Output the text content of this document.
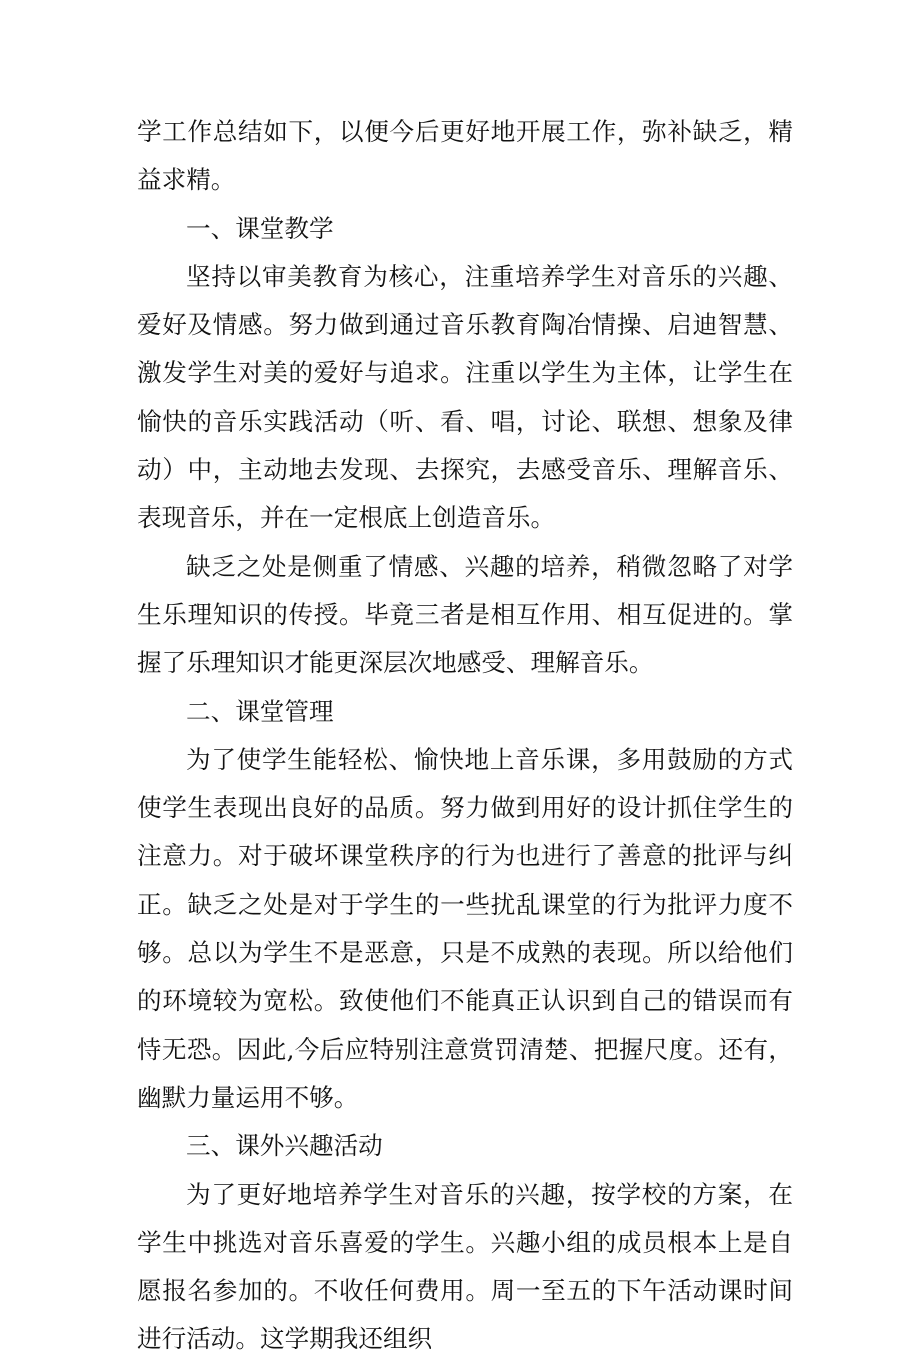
学工作总结如下，以便今后更好地开展工作，弥补缺乏，精益求精。

一、课堂教学

坚持以审美教育为核心，注重培养学生对音乐的兴趣、爱好及情感。努力做到通过音乐教育陶冶情操、启迪智慧、激发学生对美的爱好与追求。注重以学生为主体，让学生在愉快的音乐实践活动（听、看、唱，讨论、联想、想象及律动）中，主动地去发现、去探究，去感受音乐、理解音乐、表现音乐，并在一定根底上创造音乐。

缺乏之处是侧重了情感、兴趣的培养，稍微忽略了对学生乐理知识的传授。毕竟三者是相互作用、相互促进的。掌握了乐理知识才能更深层次地感受、理解音乐。

二、课堂管理

为了使学生能轻松、愉快地上音乐课，多用鼓励的方式使学生表现出良好的品质。努力做到用好的设计抓住学生的注意力。对于破坏课堂秩序的行为也进行了善意的批评与纠正。缺乏之处是对于学生的一些扰乱课堂的行为批评力度不够。总以为学生不是恶意，只是不成熟的表现。所以给他们的环境较为宽松。致使他们不能真正认识到自己的错误而有恃无恐。因此,今后应特别注意赏罚清楚、把握尺度。还有，幽默力量运用不够。

三、课外兴趣活动

为了更好地培养学生对音乐的兴趣，按学校的方案，在学生中挑选对音乐喜爱的学生。兴趣小组的成员根本上是自愿报名参加的。不收任何费用。周一至五的下午活动课时间进行活动。这学期我还组织
